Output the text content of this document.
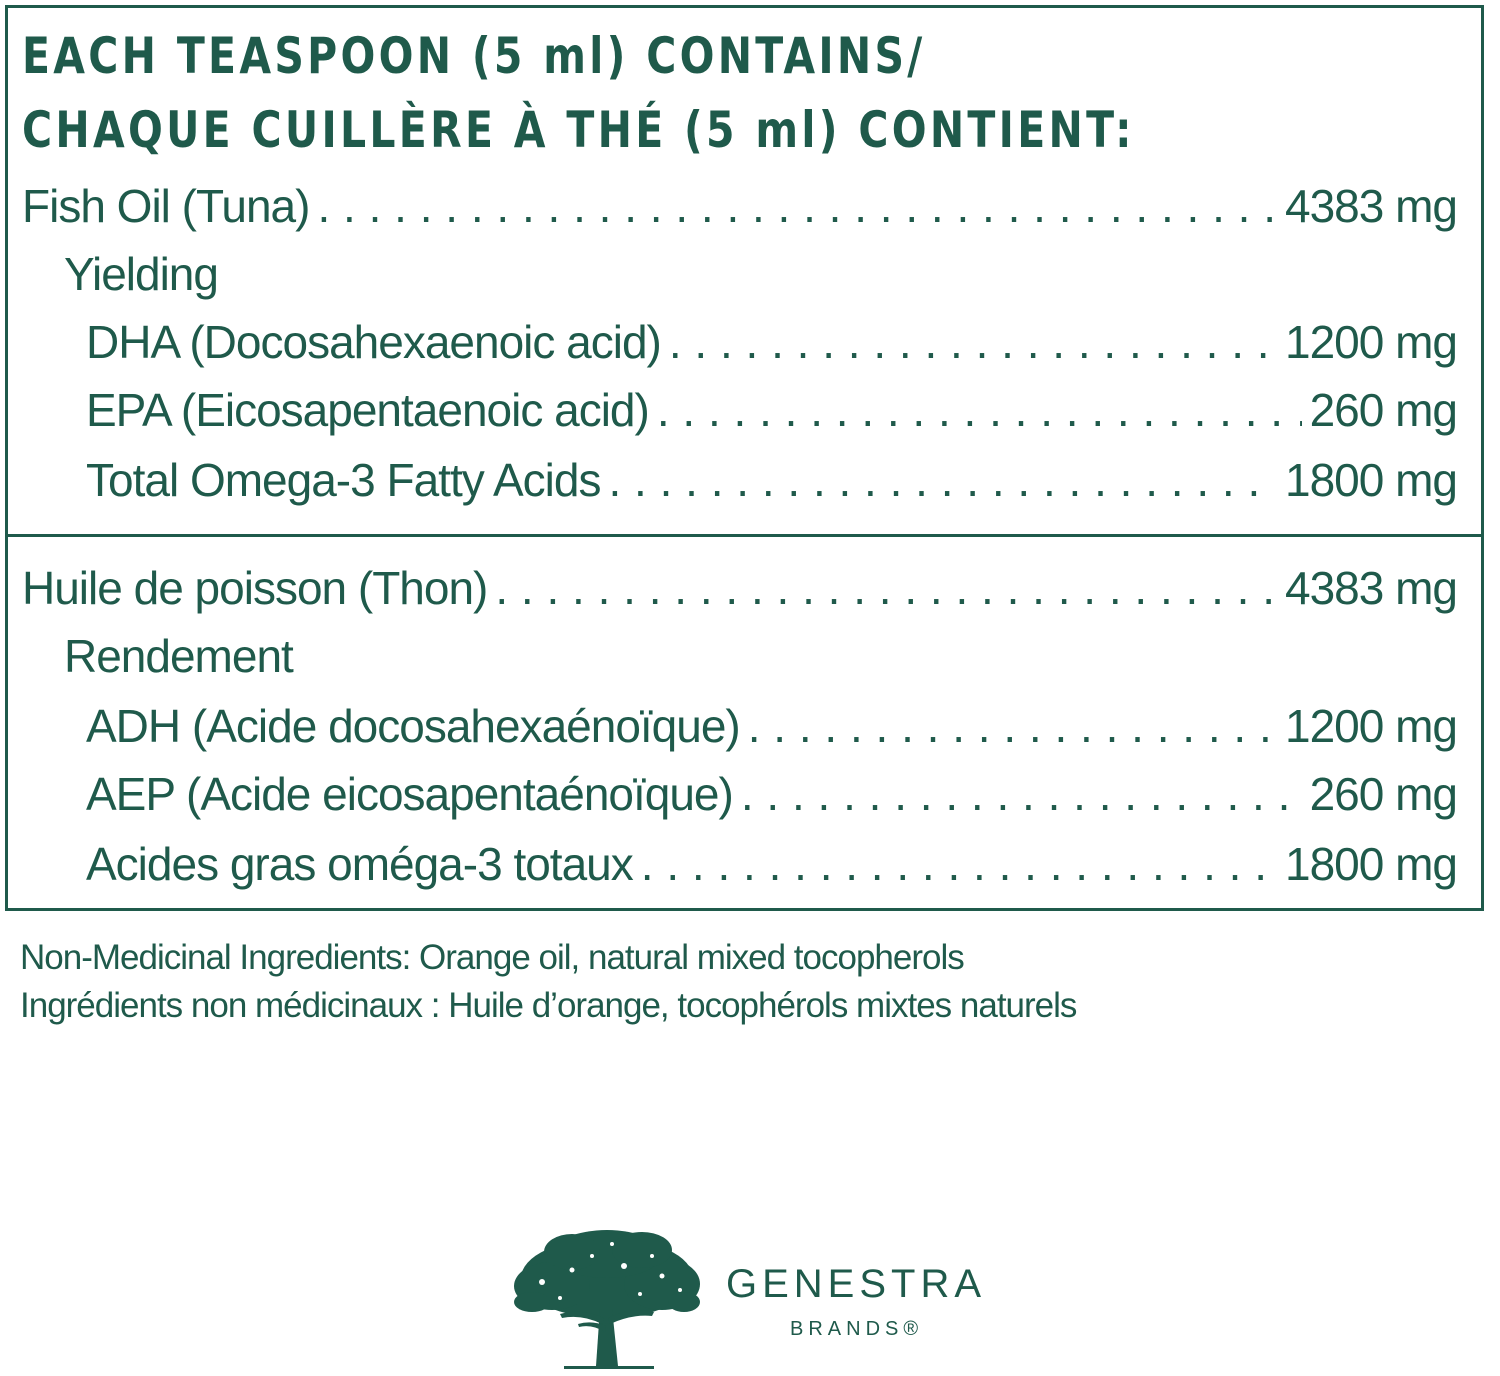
EACH TEASPOON (5 ml) CONTAINS/
CHAQUE CUILLÈRE À THÉ (5 ml) CONTIENT:
Fish Oil (Tuna) . . .	4383 mg
Yielding
DHA (Docosahexaenoic acid) . . .	1200 mg
EPA (Eicosapentaenoic acid) . . .	260 mg
Total Omega-3 Fatty Acids . . .	1800 mg
Huile de poisson (Thon) . . .	4383 mg
Rendement
ADH (Acide docosahexaénoïque) . . .	1200 mg
AEP (Acide eicosapentaénoïque) . . .	260 mg
Acides gras oméga-3 totaux . . .	1800 mg
Non-Medicinal Ingredients: Orange oil, natural mixed tocopherols
Ingrédients non médicinaux : Huile d’orange, tocophérols mixtes naturels
GENESTRA
BRANDS®
